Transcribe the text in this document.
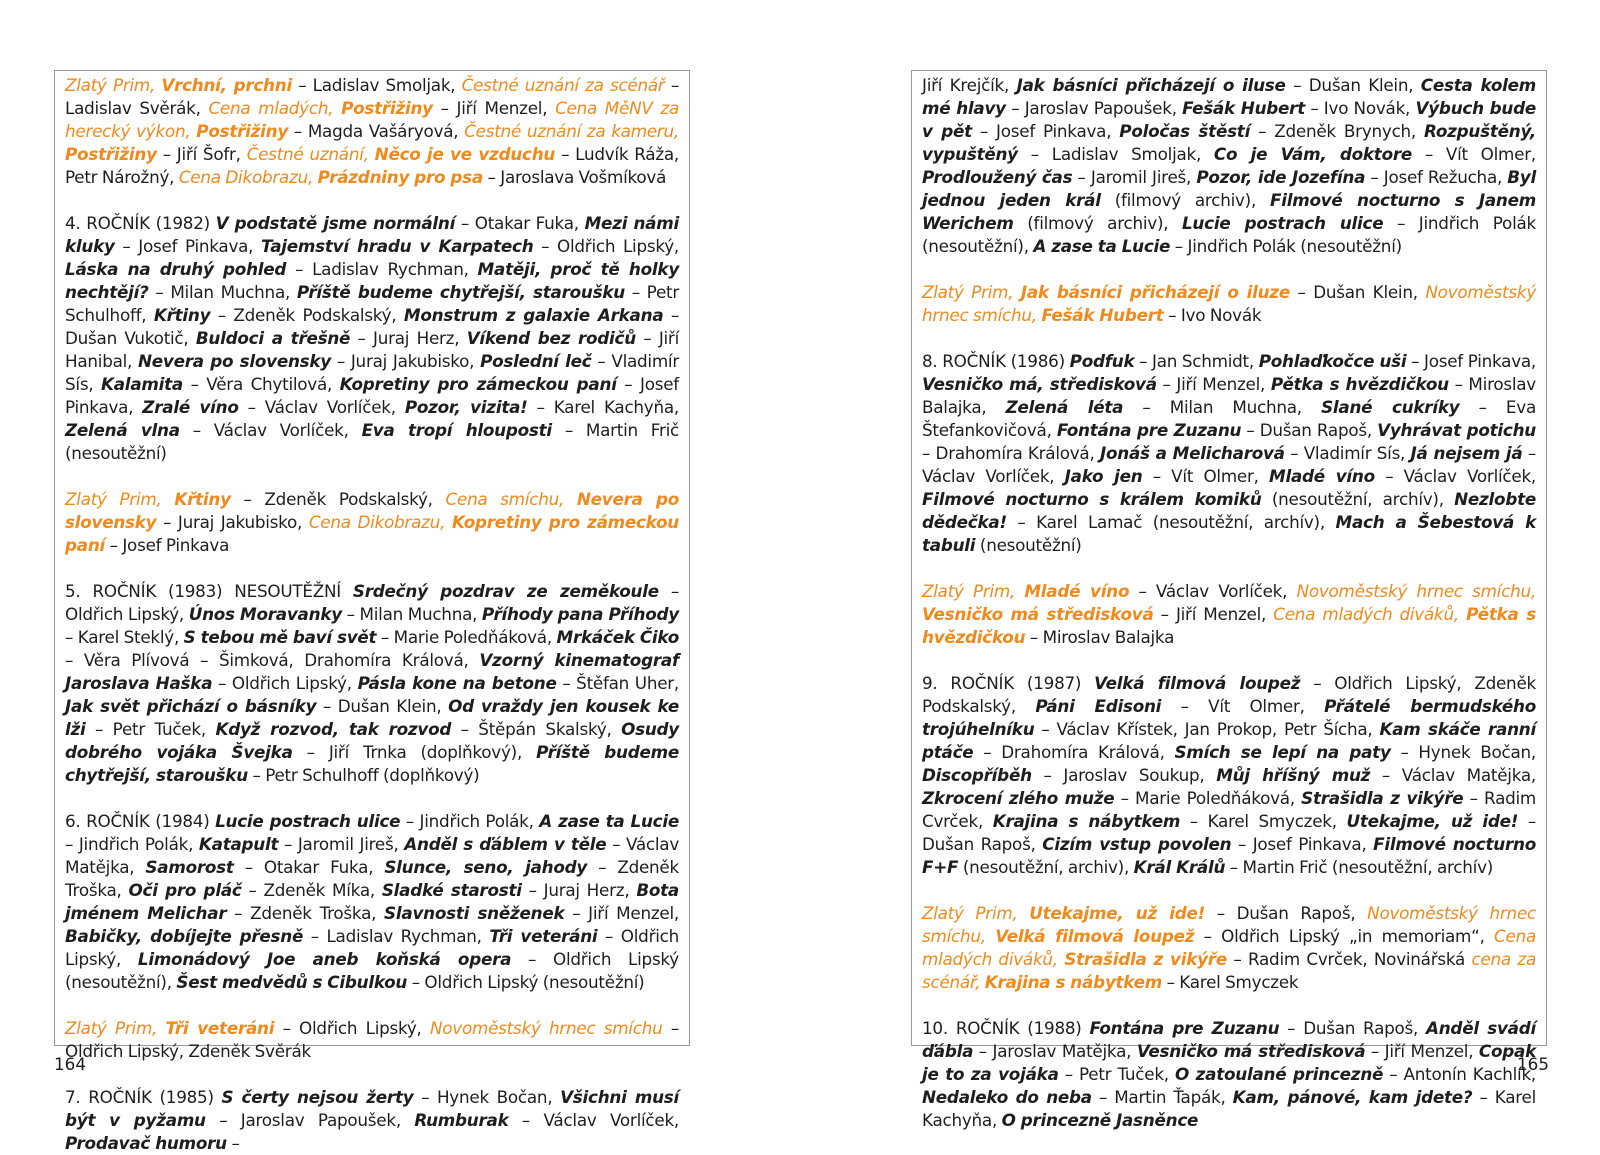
Zlatý Prim, Vrchní, prchni – Ladislav Smoljak, Čestné uznání za scénář – Ladislav Svěrák, Cena mladých, Postřižiny – Jiří Menzel, Cena MěNV za herecký výkon, Postřižiny – Magda Vašáryová, Čestné uznání za kameru, Postřižiny – Jiří Šofr, Čestné uznání, Něco je ve vzduchu – Ludvík Ráža, Petr Nárožný, Cena Dikobrazu, Prázdniny pro psa – Jaroslava Vošmíková

4. ROČNÍK (1982) V podstatě jsme normální – Otakar Fuka, Mezi námi kluky – Josef Pinkava, Tajemství hradu v Karpatech – Oldřich Lipský, Láska na druhý pohled – Ladislav Rychman, Matěji, proč tě holky nechtějí? – Milan Muchna, Příště budeme chytřejší, staroušku – Petr Schulhoff, Křtiny – Zdeněk Podskalský, Monstrum z galaxie Arkana – Dušan Vukotič, Buldoci a třešně – Juraj Herz, Víkend bez rodičů – Jiří Hanibal, Nevera po slovensky – Juraj Jakubisko, Poslední leč – Vladimír Sís, Kalamita – Věra Chytilová, Kopretiny pro zámeckou paní – Josef Pinkava, Zralé víno – Václav Vorlíček, Pozor, vizita! – Karel Kachyňa, Zelená vlna – Václav Vorlíček, Eva tropí hlouposti – Martin Frič (nesoutěžní)

Zlatý Prim, Křtiny – Zdeněk Podskalský, Cena smíchu, Nevera po slovensky – Juraj Jakubisko, Cena Dikobrazu, Kopretiny pro zámeckou paní – Josef Pinkava

5. ROČNÍK (1983) NESOUTĚŽNÍ Srdečný pozdrav ze zeměkoule – Oldřich Lipský, Únos Moravanky – Milan Muchna, Příhody pana Příhody – Karel Steklý, S tebou mě baví svět – Marie Poledňáková, Mrkáček Čiko – Věra Plívová – Šimková, Drahomíra Králová, Vzorný kinematograf Jaroslava Haška – Oldřich Lipský, Pásla kone na betone – Štěfan Uher, Jak svět přichází o básníky – Dušan Klein, Od vraždy jen kousek ke lži – Petr Tuček, Když rozvod, tak rozvod – Štěpán Skalský, Osudy dobrého vojáka Švejka – Jiří Trnka (doplňkový), Příště budeme chytřejší, staroušku – Petr Schulhoff (doplňkový)

6. ROČNÍK (1984) Lucie postrach ulice – Jindřich Polák, A zase ta Lucie – Jindřich Polák, Katapult – Jaromil Jireš, Anděl s ďáblem v těle – Václav Matějka, Samorost – Otakar Fuka, Slunce, seno, jahody – Zdeněk Troška, Oči pro pláč – Zdeněk Míka, Sladké starosti – Juraj Herz, Bota jménem Melichar – Zdeněk Troška, Slavnosti sněženek – Jiří Menzel, Babičky, dobíjejte přesně – Ladislav Rychman, Tři veteráni – Oldřich Lipský, Limonádový Joe aneb koňská opera – Oldřich Lipský (nesoutěžní), Šest medvědů s Cibulkou – Oldřich Lipský (nesoutěžní)

Zlatý Prim, Tři veteráni – Oldřich Lipský, Novoměstský hrnec smíchu – Oldřich Lipský, Zdeněk Svěrák

7. ROČNÍK (1985) S čerty nejsou žerty – Hynek Bočan, Všichni musí být v pyžamu – Jaroslav Papoušek, Rumburak – Václav Vorlíček, Prodavač humoru –

164

Jiří Krejčík, Jak básníci přicházejí o iluse – Dušan Klein, Cesta kolem mé hlavy – Jaroslav Papoušek, Fešák Hubert – Ivo Novák, Výbuch bude v pět – Josef Pinkava, Poločas štěstí – Zdeněk Brynych, Rozpuštěný, vypuštěný – Ladislav Smoljak, Co je Vám, doktore – Vít Olmer, Prodloužený čas – Jaromil Jireš, Pozor, ide Jozefína – Josef Režucha, Byl jednou jeden král (filmový archiv), Filmové nocturno s Janem Werichem (filmový archiv), Lucie postrach ulice – Jindřich Polák (nesoutěžní), A zase ta Lucie – Jindřich Polák (nesoutěžní)

Zlatý Prim, Jak básníci přicházejí o iluze – Dušan Klein, Novoměstský hrnec smíchu, Fešák Hubert – Ivo Novák

8. ROČNÍK (1986) Podfuk – Jan Schmidt, Pohlaďkočce uši – Josef Pinkava, Vesničko má, středisková – Jiří Menzel, Pětka s hvězdičkou – Miroslav Balajka, Zelená léta – Milan Muchna, Slané cukríky – Eva Štefankovičová, Fontána pre Zuzanu – Dušan Rapoš, Vyhrávat potichu – Drahomíra Králová, Jonáš a Melicharová – Vladimír Sís, Já nejsem já – Václav Vorlíček, Jako jen – Vít Olmer, Mladé víno – Václav Vorlíček, Filmové nocturno s králem komiků (nesoutěžní, archív), Nezlobte dědečka! – Karel Lamač (nesoutěžní, archív), Mach a Šebestová k tabuli (nesoutěžní)

Zlatý Prim, Mladé víno – Václav Vorlíček, Novoměstský hrnec smíchu, Vesničko má středisková – Jiří Menzel, Cena mladých diváků, Pětka s hvězdičkou – Miroslav Balajka

9. ROČNÍK (1987) Velká filmová loupež – Oldřich Lipský, Zdeněk Podskalský, Páni Edisoni – Vít Olmer, Přátelé bermudského trojúhelníku – Václav Křístek, Jan Prokop, Petr Šícha, Kam skáče ranní ptáče – Drahomíra Králová, Smích se lepí na paty – Hynek Bočan, Discopříběh – Jaroslav Soukup, Můj hříšný muž – Václav Matějka, Zkrocení zlého muže – Marie Poledňáková, Strašidla z vikýře – Radim Cvrček, Krajina s nábytkem – Karel Smyczek, Utekajme, už ide! – Dušan Rapoš, Cizím vstup povolen – Josef Pinkava, Filmové nocturno F+F (nesoutěžní, archiv), Král Králů – Martin Frič (nesoutěžní, archív)

Zlatý Prim, Utekajme, už ide! – Dušan Rapoš, Novoměstský hrnec smíchu, Velká filmová loupež – Oldřich Lipský „in memoriam“, Cena mladých diváků, Strašidla z vikýře – Radim Cvrček, Novinářská cena za scénář, Krajina s nábytkem – Karel Smyczek

10. ROČNÍK (1988) Fontána pre Zuzanu – Dušan Rapoš, Anděl svádí ďábla – Jaroslav Matějka, Vesničko má středisková – Jiří Menzel, Copak je to za vojáka – Petr Tuček, O zatoulané princezně – Antonín Kachlík, Nedaleko do neba – Martin Ťapák, Kam, pánové, kam jdete? – Karel Kachyňa, O princezně Jasněnce

165
